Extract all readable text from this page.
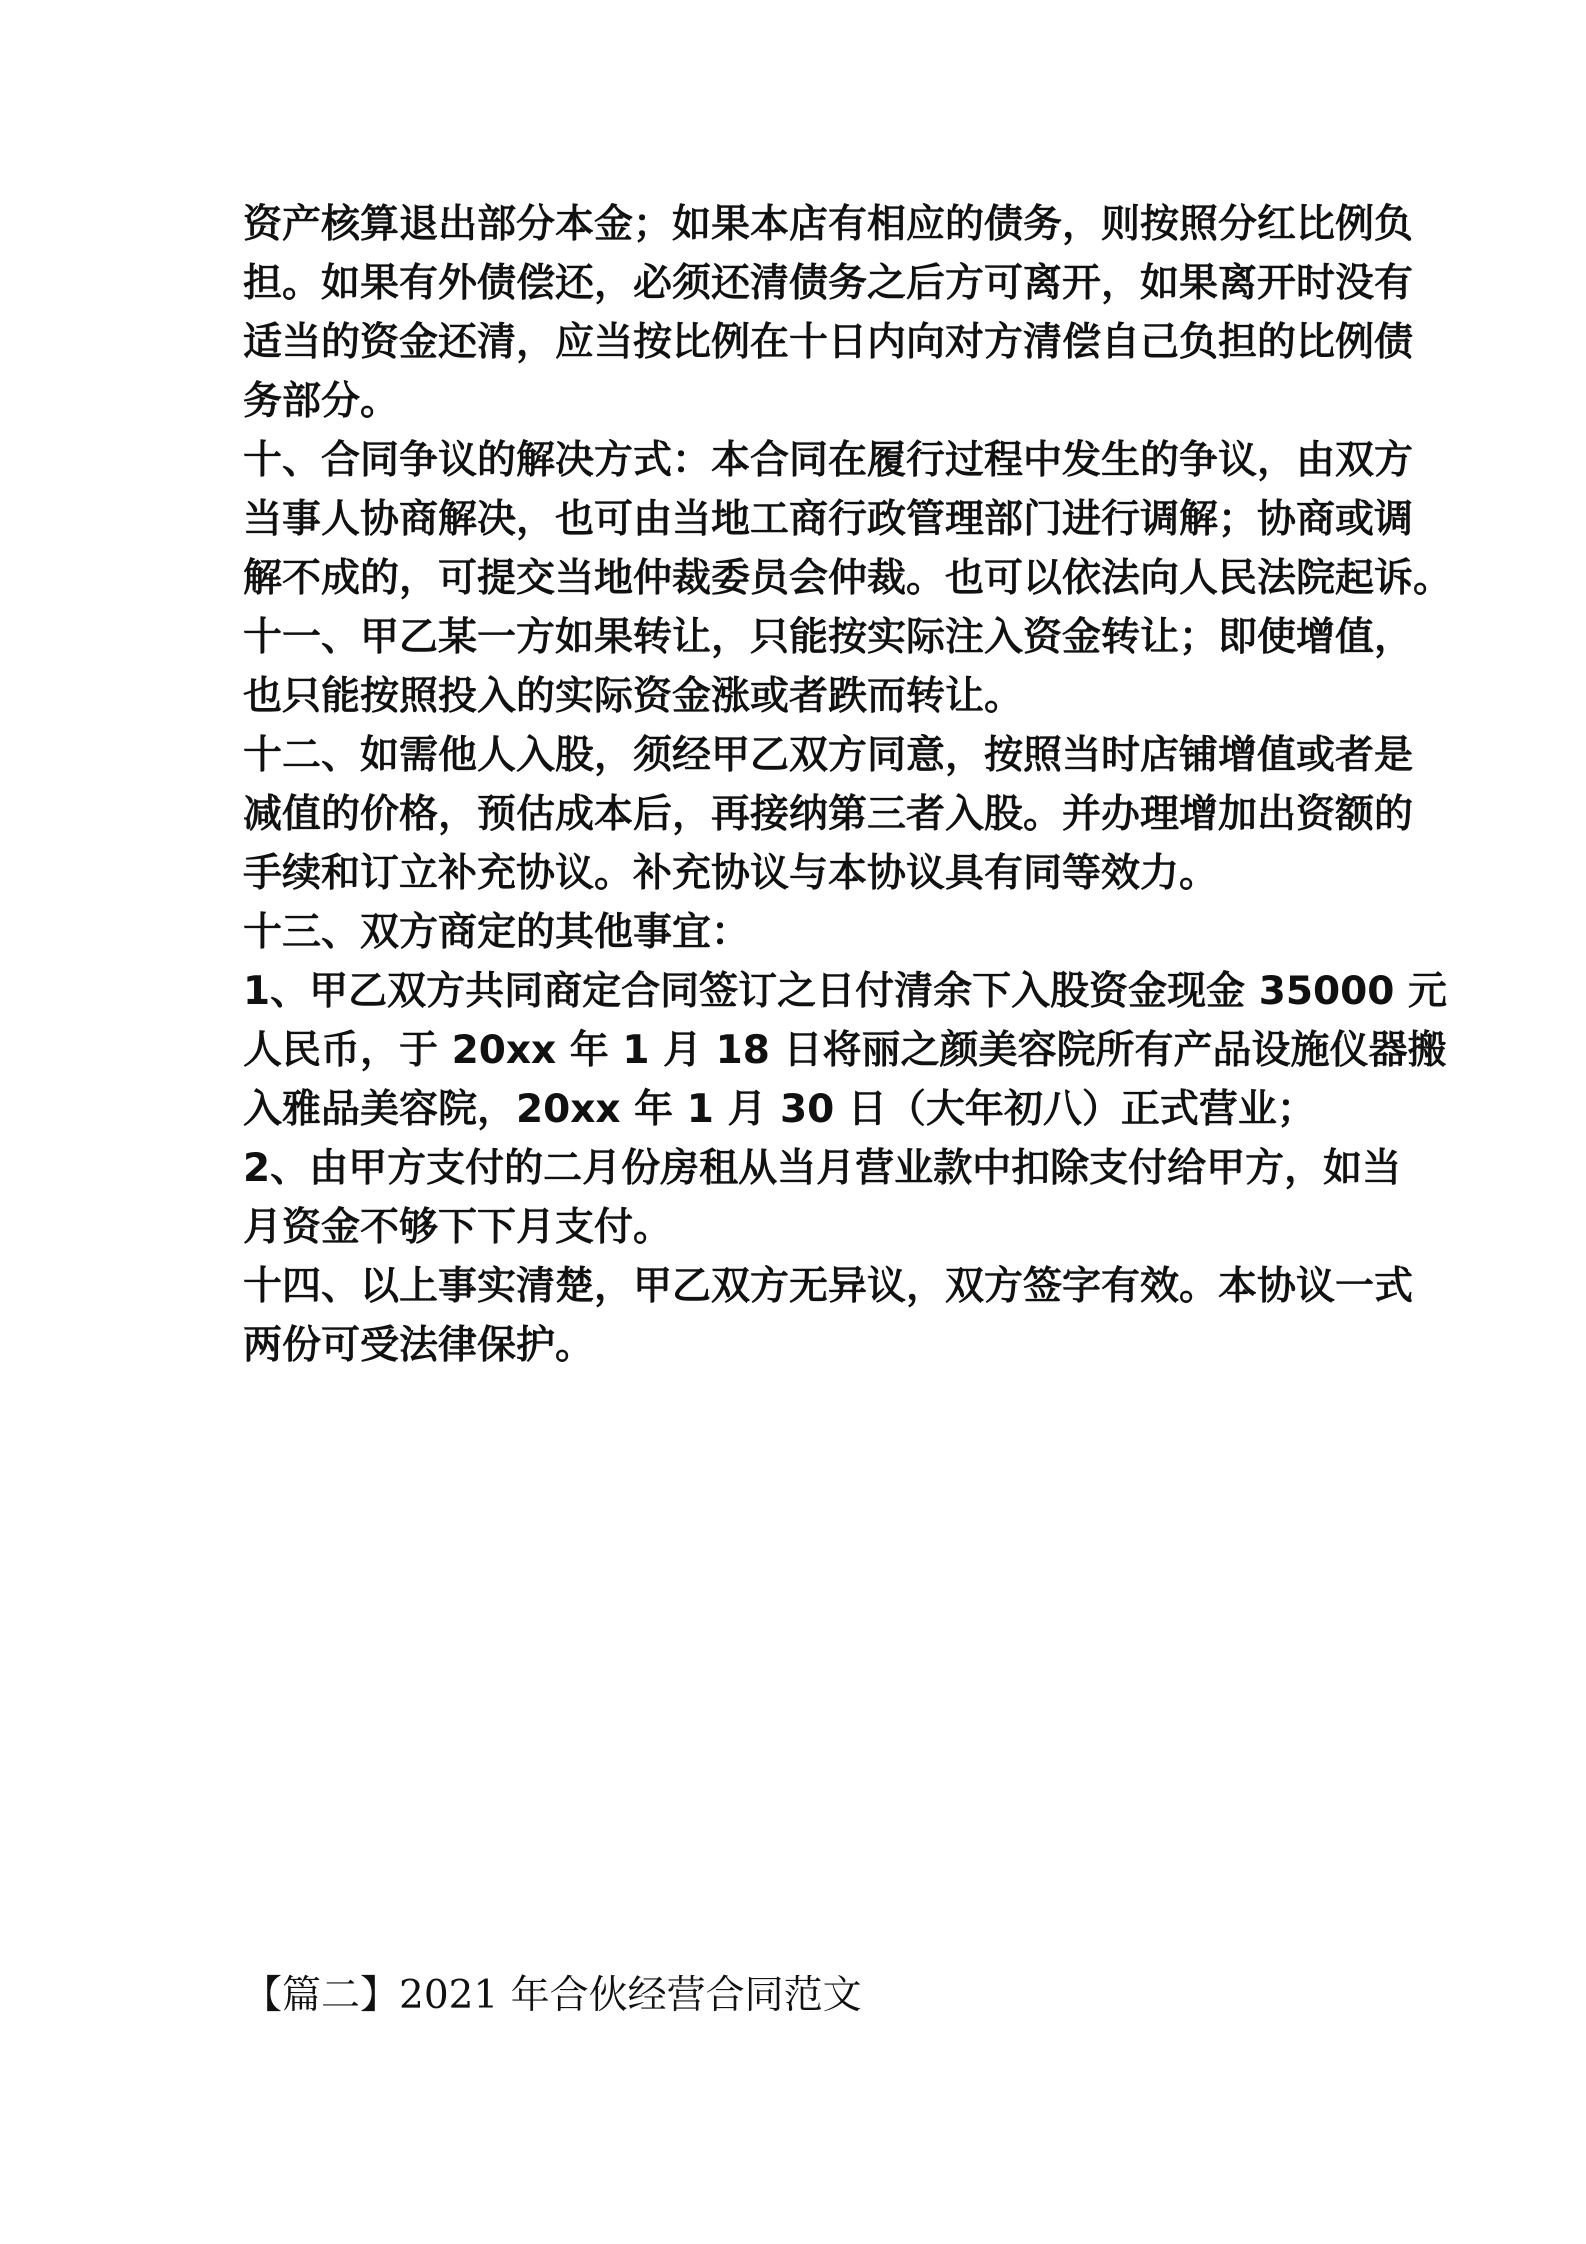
资产核算退出部分本金；如果本店有相应的债务，则按照分红比例负
担。如果有外债偿还，必须还清债务之后方可离开，如果离开时没有
适当的资金还清，应当按比例在十日内向对方清偿自己负担的比例债
务部分。
十、合同争议的解决方式：本合同在履行过程中发生的争议，由双方
当事人协商解决，也可由当地工商行政管理部门进行调解；协商或调
解不成的，可提交当地仲裁委员会仲裁。也可以依法向人民法院起诉。
十一、甲乙某一方如果转让，只能按实际注入资金转让；即使增值，
也只能按照投入的实际资金涨或者跌而转让。
十二、如需他人入股，须经甲乙双方同意，按照当时店铺增值或者是
减值的价格，预估成本后，再接纳第三者入股。并办理增加出资额的
手续和订立补充协议。补充协议与本协议具有同等效力。
十三、双方商定的其他事宜：
1、甲乙双方共同商定合同签订之日付清余下入股资金现金 35000 元
人民币，于 20xx 年 1 月 18 日将丽之颜美容院所有产品设施仪器搬
入雅品美容院，20xx 年 1 月 30 日（大年初八）正式营业；
2、由甲方支付的二月份房租从当月营业款中扣除支付给甲方，如当
月资金不够下下月支付。
十四、以上事实清楚，甲乙双方无异议，双方签字有效。本协议一式
两份可受法律保护。
【篇二】2021 年合伙经营合同范文
